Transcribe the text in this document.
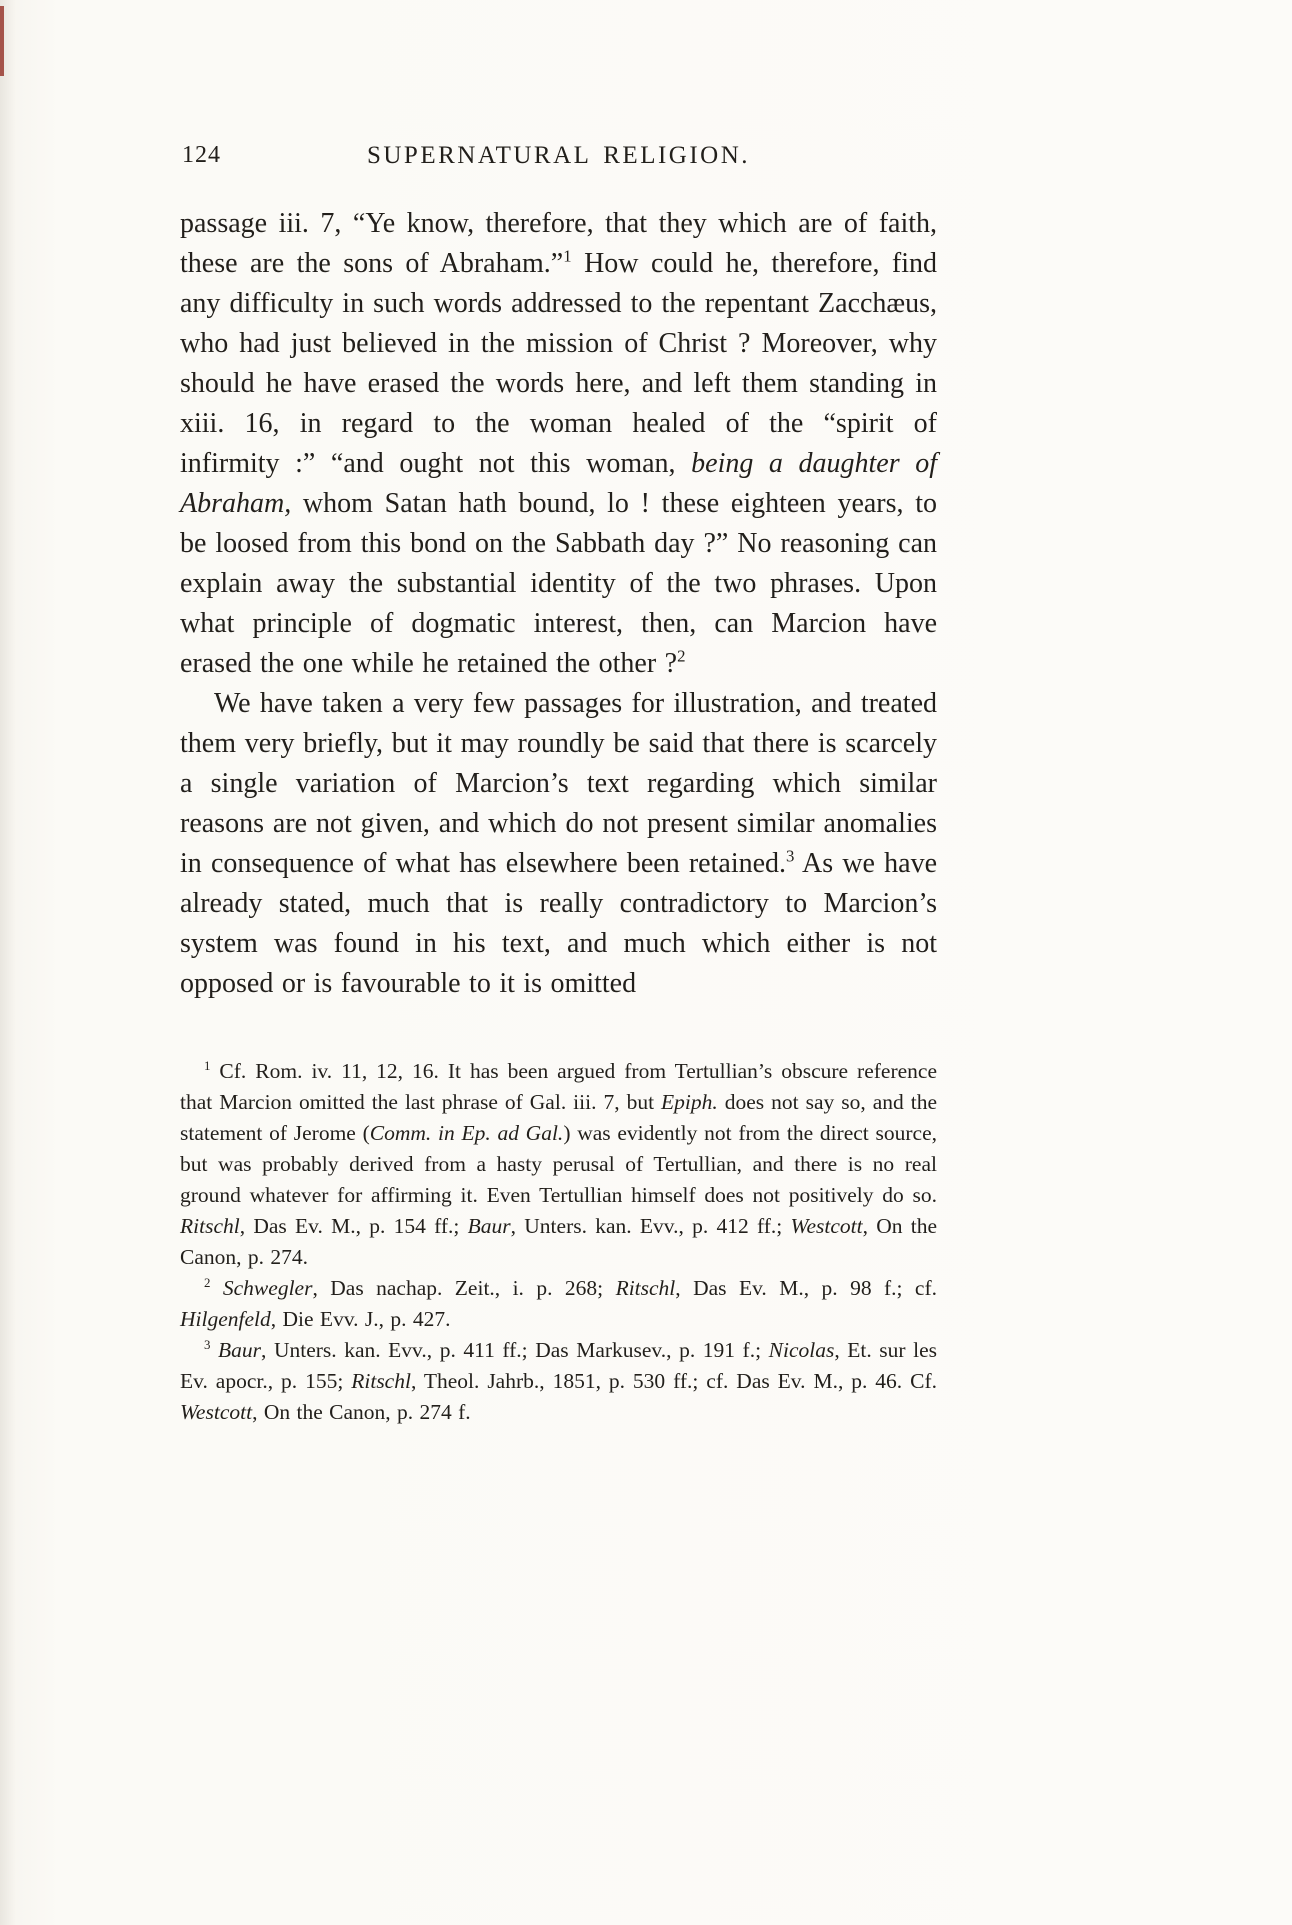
124	SUPERNATURAL RELIGION.

passage iii. 7, “Ye know, therefore, that they which are of faith, these are the sons of Abraham.”$^1$ How could he, therefore, find any difficulty in such words addressed to the repentant Zacchæus, who had just believed in the mission of Christ ? Moreover, why should he have erased the words here, and left them standing in xiii. 16, in regard to the woman healed of the “spirit of infirmity :” “and ought not this woman, being a daughter of Abraham, whom Satan hath bound, lo ! these eighteen years, to be loosed from this bond on the Sabbath day ?” No reasoning can explain away the substantial identity of the two phrases. Upon what principle of dogmatic interest, then, can Marcion have erased the one while he retained the other ?$^2$

We have taken a very few passages for illustration, and treated them very briefly, but it may roundly be said that there is scarcely a single variation of Marcion’s text regarding which similar reasons are not given, and which do not present similar anomalies in consequence of what has elsewhere been retained.$^3$ As we have already stated, much that is really contradictory to Marcion’s system was found in his text, and much which either is not opposed or is favourable to it is omitted

$^1$ Cf. Rom. iv. 11, 12, 16. It has been argued from Tertullian’s obscure reference that Marcion omitted the last phrase of Gal. iii. 7, but Epiph. does not say so, and the statement of Jerome (Comm. in Ep. ad Gal.) was evidently not from the direct source, but was probably derived from a hasty perusal of Tertullian, and there is no real ground whatever for affirming it. Even Tertullian himself does not positively do so. Ritschl, Das Ev. M., p. 154 ff.; Baur, Unters. kan. Evv., p. 412 ff.; Westcott, On the Canon, p. 274.

$^2$ Schwegler, Das nachap. Zeit., i. p. 268; Ritschl, Das Ev. M., p. 98 f.; cf. Hilgenfeld, Die Evv. J., p. 427.

$^3$ Baur, Unters. kan. Evv., p. 411 ff.; Das Markusev., p. 191 f.; Nicolas, Et. sur les Ev. apocr., p. 155; Ritschl, Theol. Jahrb., 1851, p. 530 ff.; cf. Das Ev. M., p. 46. Cf. Westcott, On the Canon, p. 274 f.
